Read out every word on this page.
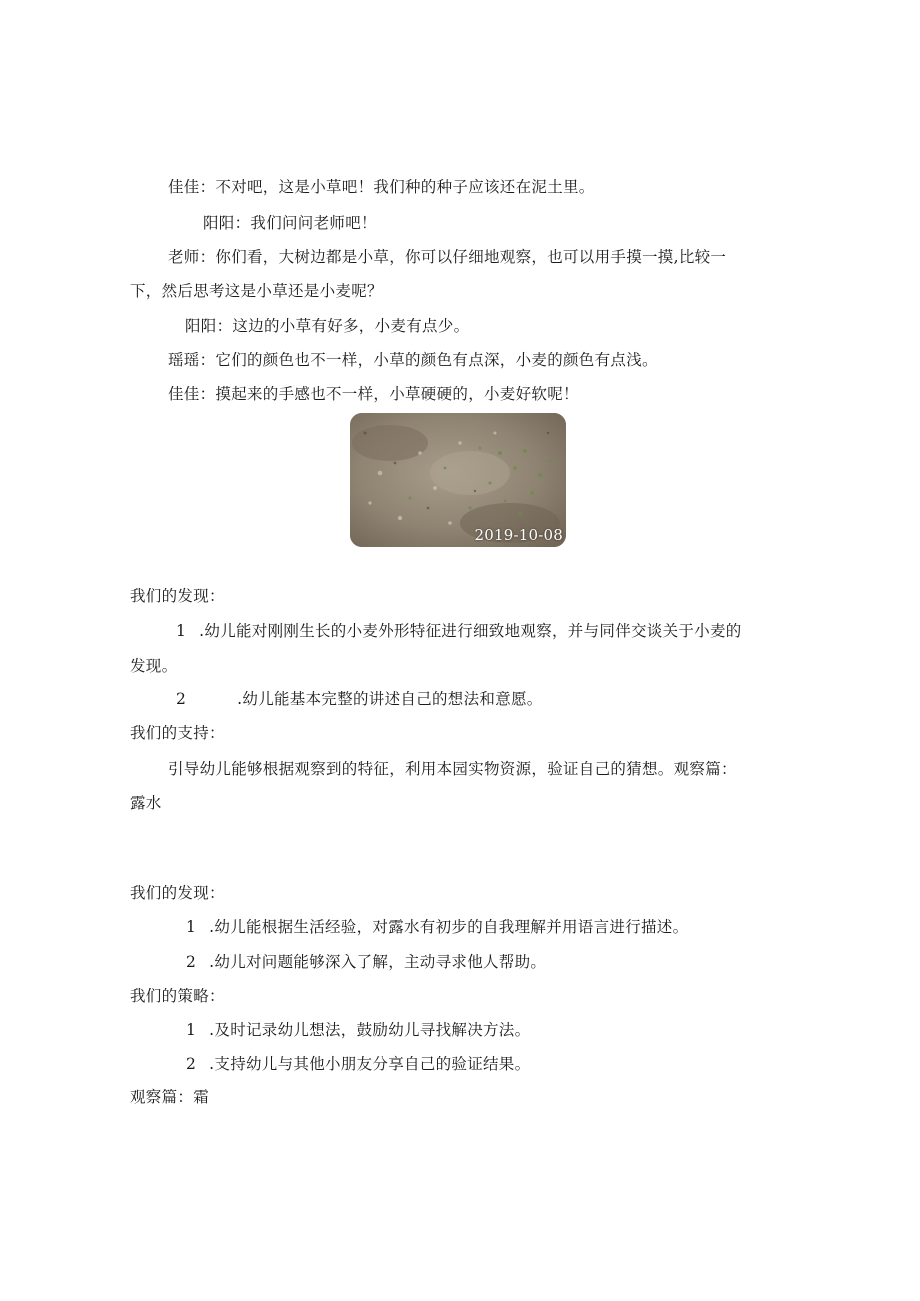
佳佳：不对吧，这是小草吧！我们种的种子应该还在泥土里。
阳阳：我们问问老师吧！
老师：你们看，大树边都是小草，你可以仔细地观察，也可以用手摸一摸,比较一
下，然后思考这是小草还是小麦呢？
阳阳：这边的小草有好多，小麦有点少。
瑶瑶：它们的颜色也不一样，小草的颜色有点深，小麦的颜色有点浅。
佳佳：摸起来的手感也不一样，小草硬硬的，小麦好软呢！
2019-10-08
我们的发现：
1 .幼儿能对刚刚生长的小麦外形特征进行细致地观察，并与同伴交谈关于小麦的
发现。
2	.幼儿能基本完整的讲述自己的想法和意愿。
我们的支持：
引导幼儿能够根据观察到的特征，利用本园实物资源，验证自己的猜想。观察篇：
露水
我们的发现：
1 .幼儿能根据生活经验，对露水有初步的自我理解并用语言进行描述。
2 .幼儿对问题能够深入了解，主动寻求他人帮助。
我们的策略：
1 .及时记录幼儿想法，鼓励幼儿寻找解决方法。
2 .支持幼儿与其他小朋友分享自己的验证结果。
观察篇：霜
